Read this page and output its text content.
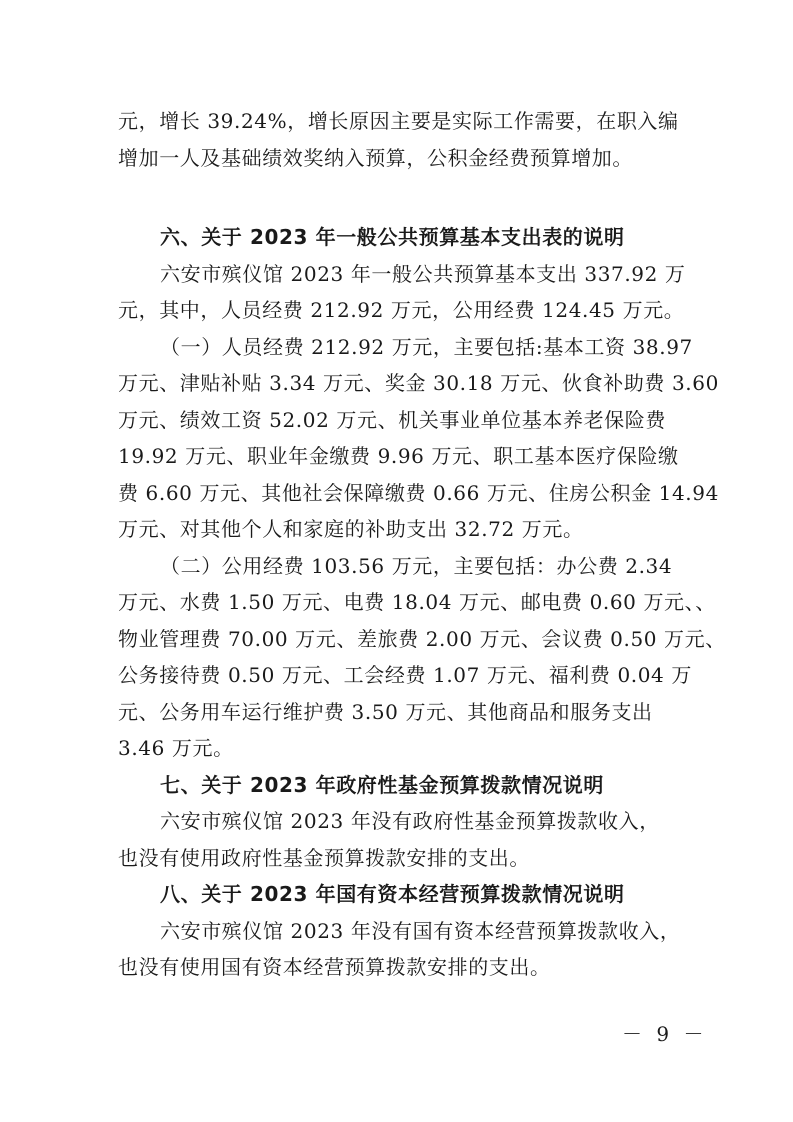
元，增长 39.24%，增长原因主要是实际工作需要，在职入编
增加一人及基础绩效奖纳入预算，公积金经费预算增加。
六、关于 2023 年一般公共预算基本支出表的说明
六安市殡仪馆 2023 年一般公共预算基本支出 337.92 万
元，其中，人员经费 212.92 万元，公用经费 124.45 万元。
（一）人员经费 212.92 万元，主要包括:基本工资 38.97
万元、津贴补贴 3.34 万元、奖金 30.18 万元、伙食补助费 3.60
万元、绩效工资 52.02 万元、机关事业单位基本养老保险费
19.92 万元、职业年金缴费 9.96 万元、职工基本医疗保险缴
费 6.60 万元、其他社会保障缴费 0.66 万元、住房公积金 14.94
万元、对其他个人和家庭的补助支出 32.72 万元。
（二）公用经费 103.56 万元，主要包括：办公费 2.34
万元、水费 1.50 万元、电费 18.04 万元、邮电费 0.60 万元、、
物业管理费 70.00 万元、差旅费 2.00 万元、会议费 0.50 万元、
公务接待费 0.50 万元、工会经费 1.07 万元、福利费 0.04 万
元、公务用车运行维护费 3.50 万元、其他商品和服务支出
3.46 万元。
七、关于 2023 年政府性基金预算拨款情况说明
六安市殡仪馆 2023 年没有政府性基金预算拨款收入，
也没有使用政府性基金预算拨款安排的支出。
八、关于 2023 年国有资本经营预算拨款情况说明
六安市殡仪馆 2023 年没有国有资本经营预算拨款收入，
也没有使用国有资本经营预算拨款安排的支出。
－ 9 －
